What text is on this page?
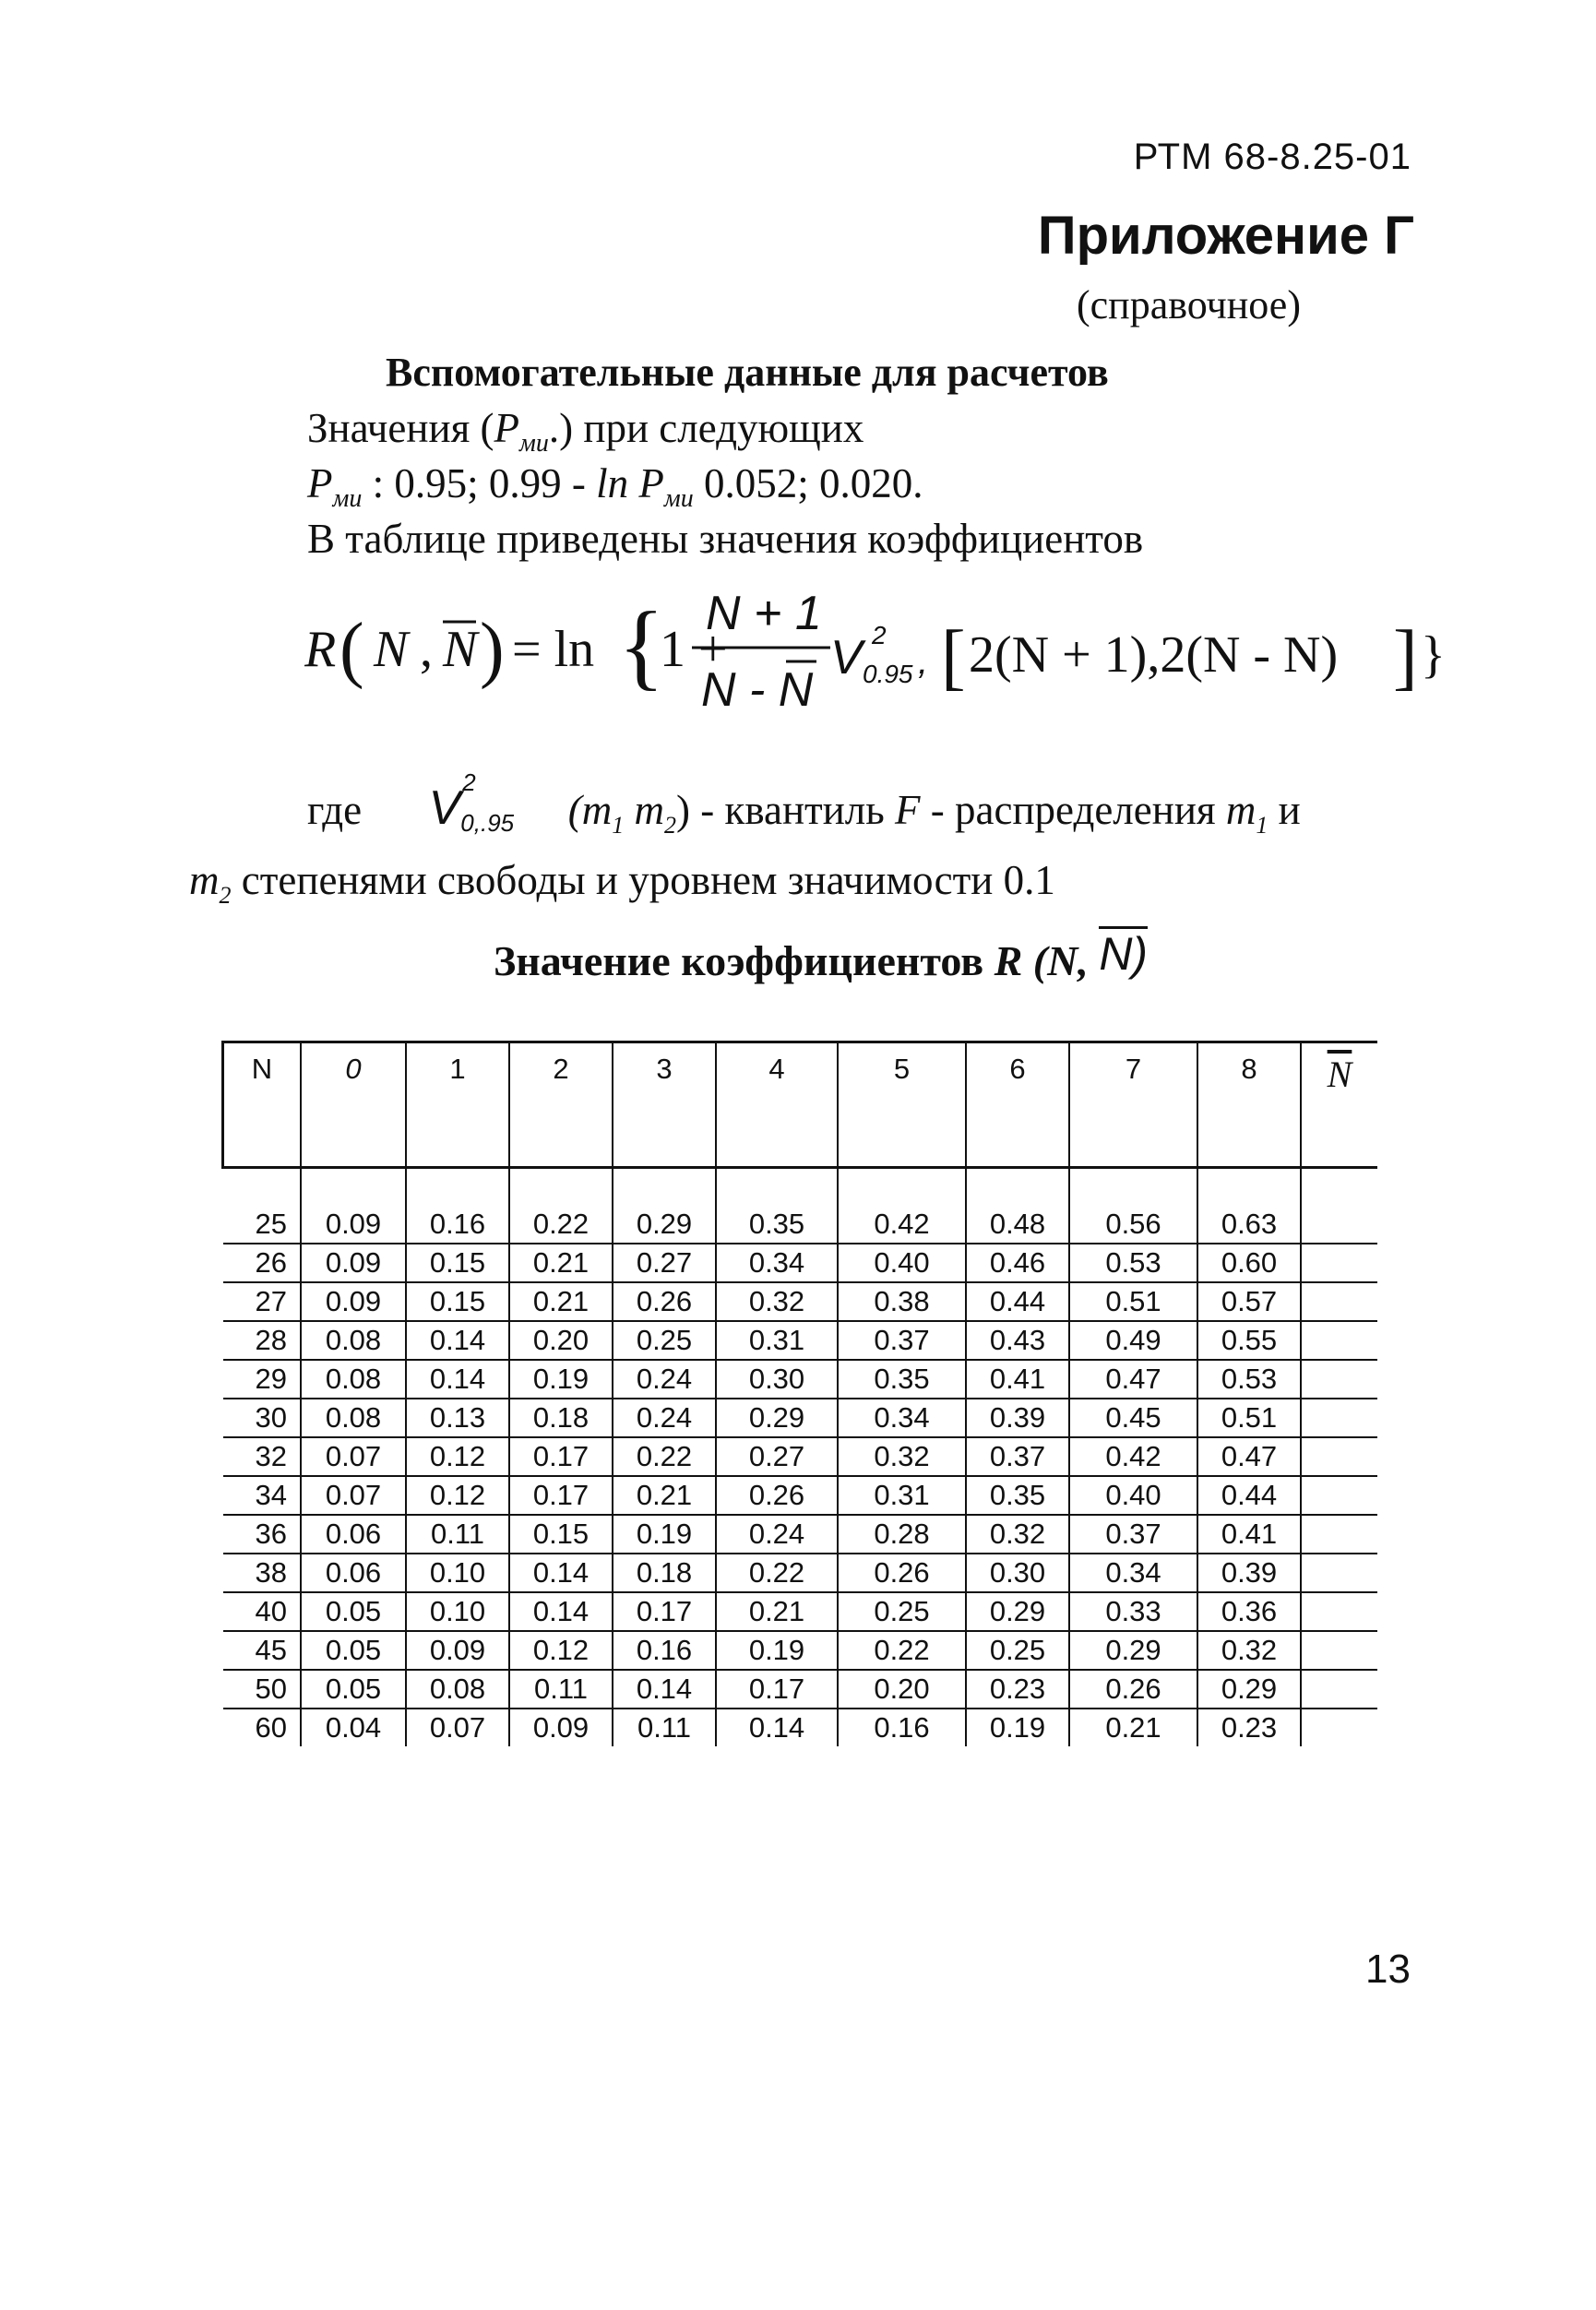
РТМ 68-8.25-01
Приложение Г
(справочное)
Вспомогательные данные для расчетов
Значения $(P_{ми}.)$ при следующих
$P_{ми}$ : 0.95; $0.99 - \ln P_{ми}$ 0.052; 0.020.
В таблице приведены значения коэффициентов
R ( N , N ) = ln {
1 +
N + 1
N - N
V 2
0.95 , [ 2(N + 1),2(N - N) ] }
где V 2
0,.95 ($m_1$ $m_2$) - квантиль F - распределения $m_1$ и
$m_2$ степенями свободы и уровнем значимости 0.1
Значение коэффициентов R (N, N)
N	0	1	2	3	4	5	6	7	8	$\overline{N}$

25	0.09	0.16	0.22	0.29	0.35	0.42	0.48	0.56	0.63	
26	0.09	0.15	0.21	0.27	0.34	0.40	0.46	0.53	0.60	
27	0.09	0.15	0.21	0.26	0.32	0.38	0.44	0.51	0.57	
28	0.08	0.14	0.20	0.25	0.31	0.37	0.43	0.49	0.55	
29	0.08	0.14	0.19	0.24	0.30	0.35	0.41	0.47	0.53	
30	0.08	0.13	0.18	0.24	0.29	0.34	0.39	0.45	0.51	
32	0.07	0.12	0.17	0.22	0.27	0.32	0.37	0.42	0.47	
34	0.07	0.12	0.17	0.21	0.26	0.31	0.35	0.40	0.44	
36	0.06	0.11	0.15	0.19	0.24	0.28	0.32	0.37	0.41	
38	0.06	0.10	0.14	0.18	0.22	0.26	0.30	0.34	0.39	
40	0.05	0.10	0.14	0.17	0.21	0.25	0.29	0.33	0.36	
45	0.05	0.09	0.12	0.16	0.19	0.22	0.25	0.29	0.32	
50	0.05	0.08	0.11	0.14	0.17	0.20	0.23	0.26	0.29	
60	0.04	0.07	0.09	0.11	0.14	0.16	0.19	0.21	0.23	
13
